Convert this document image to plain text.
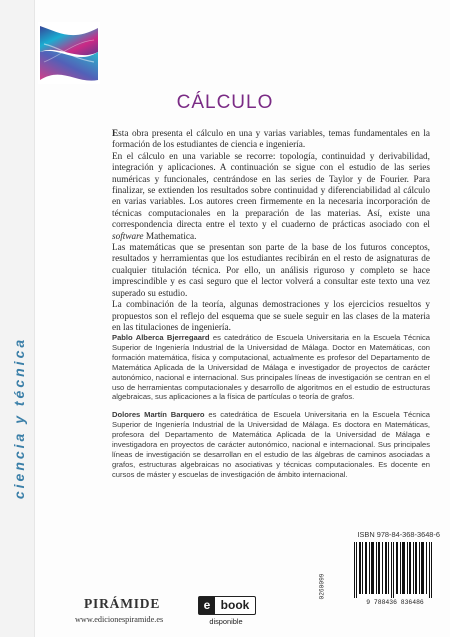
ciencia y técnica
CÁLCULO

Esta obra presenta el cálculo en una y varias variables, temas fundamentales en la formación de los estudiantes de ciencia e ingeniería.

En el cálculo en una variable se recorre: topología, continuidad y derivabilidad, integración y aplicaciones. A continuación se sigue con el estudio de las series numéricas y funcionales, centrándose en las series de Taylor y de Fourier. Para finalizar, se extienden los resultados sobre continuidad y diferenciabilidad al cálculo en varias variables. Los autores creen firmemente en la necesaria incorporación de técnicas computacionales en la preparación de las materias. Así, existe una correspondencia directa entre el texto y el cuaderno de prácticas asociado con el software Mathematica.

Las matemáticas que se presentan son parte de la base de los futuros conceptos, resultados y herramientas que los estudiantes recibirán en el resto de asignaturas de cualquier titulación técnica. Por ello, un análisis riguroso y completo se hace imprescindible y es casi seguro que el lector volverá a consultar este texto una vez superado su estudio.

La combinación de la teoría, algunas demostraciones y los ejercicios resueltos y propuestos son el reflejo del esquema que se suele seguir en las clases de la materia en las titulaciones de ingeniería.

Pablo Alberca Bjerregaard es catedrático de Escuela Universitaria en la Escuela Técnica Superior de Ingeniería Industrial de la Universidad de Málaga. Doctor en Matemáticas, con formación matemática, física y computacional, actualmente es profesor del Departamento de Matemática Aplicada de la Universidad de Málaga e investigador de proyectos de carácter autonómico, nacional e internacional. Sus principales líneas de investigación se centran en el uso de herramientas computacionales y desarrollo de algoritmos en el estudio de estructuras algebraicas, sus aplicaciones a la física de partículas o teoría de grafos.

Dolores Martín Barquero es catedrática de Escuela Universitaria en la Escuela Técnica Superior de Ingeniería Industrial de la Universidad de Málaga. Es doctora en Matemáticas, profesora del Departamento de Matemática Aplicada de la Universidad de Málaga e investigadora en proyectos de carácter autonómico, nacional e internacional. Sus principales líneas de investigación se desarrollan en el estudio de las álgebras de caminos asociadas a grafos, estructuras algebraicas no asociativas y técnicas computacionales. Es docente en cursos de máster y escuelas de investigación de ámbito internacional.

ISBN 978-84-368-3648-6
9 788436 836486
0260099
PIRÁMIDE
www.edicionespiramide.es
e book
disponible
